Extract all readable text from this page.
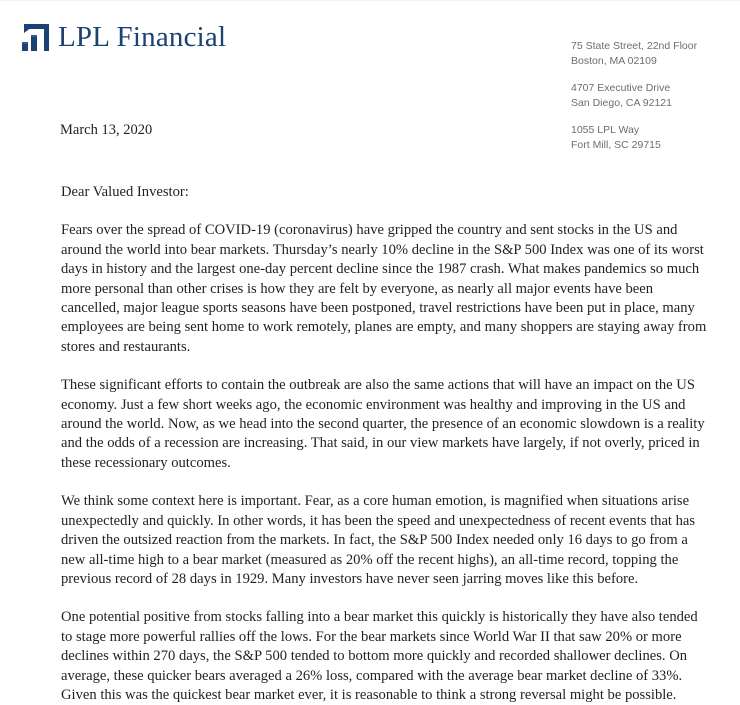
LPL Financial	75 State Street, 22nd Floor
Boston, MA 02109
4707 Executive Drive
San Diego, CA 92121
1055 LPL Way
Fort Mill, SC 29715
March 13, 2020

Dear Valued Investor:

Fears over the spread of COVID-19 (coronavirus) have gripped the country and sent stocks in the US and around the world into bear markets. Thursday’s nearly 10% decline in the S&P 500 Index was one of its worst days in history and the largest one-day percent decline since the 1987 crash. What makes pandemics so much more personal than other crises is how they are felt by everyone, as nearly all major events have been cancelled, major league sports seasons have been postponed, travel restrictions have been put in place, many employees are being sent home to work remotely, planes are empty, and many shoppers are staying away from stores and restaurants.

These significant efforts to contain the outbreak are also the same actions that will have an impact on the US economy. Just a few short weeks ago, the economic environment was healthy and improving in the US and around the world. Now, as we head into the second quarter, the presence of an economic slowdown is a reality and the odds of a recession are increasing. That said, in our view markets have largely, if not overly, priced in these recessionary outcomes.

We think some context here is important. Fear, as a core human emotion, is magnified when situations arise unexpectedly and quickly. In other words, it has been the speed and unexpectedness of recent events that has driven the outsized reaction from the markets. In fact, the S&P 500 Index needed only 16 days to go from a new all-time high to a bear market (measured as 20% off the recent highs), an all-time record, topping the previous record of 28 days in 1929. Many investors have never seen jarring moves like this before.

One potential positive from stocks falling into a bear market this quickly is historically they have also tended to stage more powerful rallies off the lows. For the bear markets since World War II that saw 20% or more declines within 270 days, the S&P 500 tended to bottom more quickly and recorded shallower declines. On average, these quicker bears averaged a 26% loss, compared with the average bear market decline of 33%. Given this was the quickest bear market ever, it is reasonable to think a strong reversal might be possible.
